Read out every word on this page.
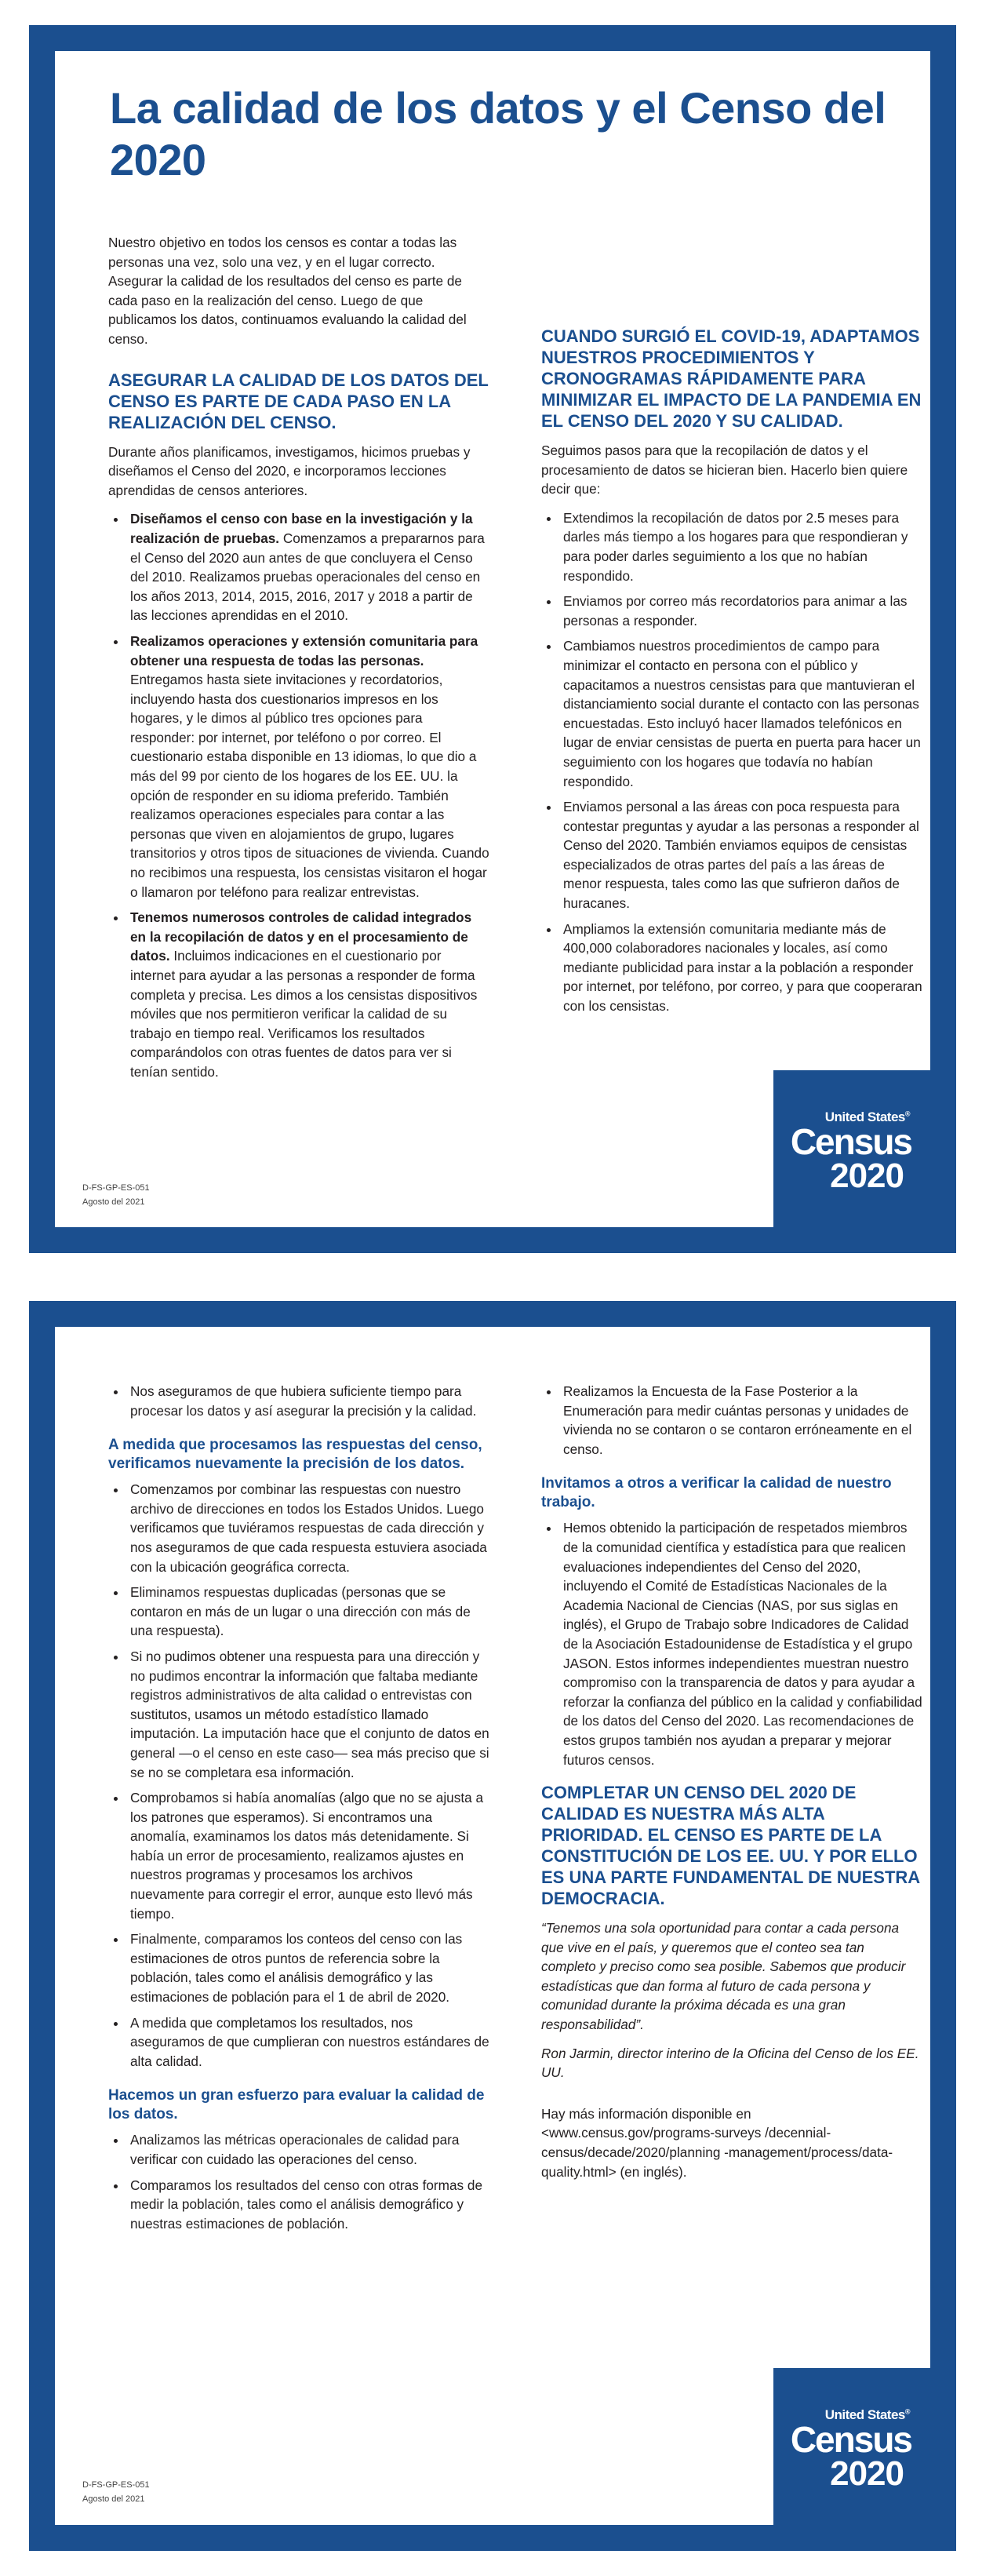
La calidad de los datos y el Censo del 2020

Nuestro objetivo en todos los censos es contar a todas las personas una vez, solo una vez, y en el lugar correcto. Asegurar la calidad de los resultados del censo es parte de cada paso en la realización del censo. Luego de que publicamos los datos, continuamos evaluando la calidad del censo.

ASEGURAR LA CALIDAD DE LOS DATOS DEL CENSO ES PARTE DE CADA PASO EN LA REALIZACIÓN DEL CENSO.

Durante años planificamos, investigamos, hicimos pruebas y diseñamos el Censo del 2020, e incorporamos lecciones aprendidas de censos anteriores.

• Diseñamos el censo con base en la investigación y la realización de pruebas. Comenzamos a prepararnos para el Censo del 2020 aun antes de que concluyera el Censo del 2010. Realizamos pruebas operacionales del censo en los años 2013, 2014, 2015, 2016, 2017 y 2018 a partir de las lecciones aprendidas en el 2010.
• Realizamos operaciones y extensión comunitaria para obtener una respuesta de todas las personas. Entregamos hasta siete invitaciones y recordatorios, incluyendo hasta dos cuestionarios impresos en los hogares, y le dimos al público tres opciones para responder: por internet, por teléfono o por correo. El cuestionario estaba disponible en 13 idiomas, lo que dio a más del 99 por ciento de los hogares de los EE. UU. la opción de responder en su idioma preferido. También realizamos operaciones especiales para contar a las personas que viven en alojamientos de grupo, lugares transitorios y otros tipos de situaciones de vivienda. Cuando no recibimos una respuesta, los censistas visitaron el hogar o llamaron por teléfono para realizar entrevistas.
• Tenemos numerosos controles de calidad integrados en la recopilación de datos y en el procesamiento de datos. Incluimos indicaciones en el cuestionario por internet para ayudar a las personas a responder de forma completa y precisa. Les dimos a los censistas dispositivos móviles que nos permitieron verificar la calidad de su trabajo en tiempo real. Verificamos los resultados comparándolos con otras fuentes de datos para ver si tenían sentido.
CUANDO SURGIÓ EL COVID-19, ADAPTAMOS NUESTROS PROCEDIMIENTOS Y CRONOGRAMAS RÁPIDAMENTE PARA MINIMIZAR EL IMPACTO DE LA PANDEMIA EN EL CENSO DEL 2020 Y SU CALIDAD.

Seguimos pasos para que la recopilación de datos y el procesamiento de datos se hicieran bien. Hacerlo bien quiere decir que:

• Extendimos la recopilación de datos por 2.5 meses para darles más tiempo a los hogares para que respondieran y para poder darles seguimiento a los que no habían respondido.
• Enviamos por correo más recordatorios para animar a las personas a responder.
• Cambiamos nuestros procedimientos de campo para minimizar el contacto en persona con el público y capacitamos a nuestros censistas para que mantuvieran el distanciamiento social durante el contacto con las personas encuestadas. Esto incluyó hacer llamados telefónicos en lugar de enviar censistas de puerta en puerta para hacer un seguimiento con los hogares que todavía no habían respondido.
• Enviamos personal a las áreas con poca respuesta para contestar preguntas y ayudar a las personas a responder al Censo del 2020. También enviamos equipos de censistas especializados de otras partes del país a las áreas de menor respuesta, tales como las que sufrieron daños de huracanes.
• Ampliamos la extensión comunitaria mediante más de 400,000 colaboradores nacionales y locales, así como mediante publicidad para instar a la población a responder por internet, por teléfono, por correo, y para que cooperaran con los censistas.
D-FS-GP-ES-051
Agosto del 2021
United States®
Census
2020
• Nos aseguramos de que hubiera suficiente tiempo para procesar los datos y así asegurar la precisión y la calidad.
A medida que procesamos las respuestas del censo, verificamos nuevamente la precisión de los datos.
• Comenzamos por combinar las respuestas con nuestro archivo de direcciones en todos los Estados Unidos. Luego verificamos que tuviéramos respuestas de cada dirección y nos aseguramos de que cada respuesta estuviera asociada con la ubicación geográfica correcta.
• Eliminamos respuestas duplicadas (personas que se contaron en más de un lugar o una dirección con más de una respuesta).
• Si no pudimos obtener una respuesta para una dirección y no pudimos encontrar la información que faltaba mediante registros administrativos de alta calidad o entrevistas con sustitutos, usamos un método estadístico llamado imputación. La imputación hace que el conjunto de datos en general —o el censo en este caso— sea más preciso que si se no se completara esa información.
• Comprobamos si había anomalías (algo que no se ajusta a los patrones que esperamos). Si encontramos una anomalía, examinamos los datos más detenidamente. Si había un error de procesamiento, realizamos ajustes en nuestros programas y procesamos los archivos nuevamente para corregir el error, aunque esto llevó más tiempo.
• Finalmente, comparamos los conteos del censo con las estimaciones de otros puntos de referencia sobre la población, tales como el análisis demográfico y las estimaciones de población para el 1 de abril de 2020.
• A medida que completamos los resultados, nos aseguramos de que cumplieran con nuestros estándares de alta calidad.
Hacemos un gran esfuerzo para evaluar la calidad de los datos.
• Analizamos las métricas operacionales de calidad para verificar con cuidado las operaciones del censo.
• Comparamos los resultados del censo con otras formas de medir la población, tales como el análisis demográfico y nuestras estimaciones de población.
• Realizamos la Encuesta de la Fase Posterior a la Enumeración para medir cuántas personas y unidades de vivienda no se contaron o se contaron erróneamente en el censo.
Invitamos a otros a verificar la calidad de nuestro trabajo.
• Hemos obtenido la participación de respetados miembros de la comunidad científica y estadística para que realicen evaluaciones independientes del Censo del 2020, incluyendo el Comité de Estadísticas Nacionales de la Academia Nacional de Ciencias (NAS, por sus siglas en inglés), el Grupo de Trabajo sobre Indicadores de Calidad de la Asociación Estadounidense de Estadística y el grupo JASON. Estos informes independientes muestran nuestro compromiso con la transparencia de datos y para ayudar a reforzar la confianza del público en la calidad y confiabilidad de los datos del Censo del 2020. Las recomendaciones de estos grupos también nos ayudan a preparar y mejorar futuros censos.
COMPLETAR UN CENSO DEL 2020 DE CALIDAD ES NUESTRA MÁS ALTA PRIORIDAD. EL CENSO ES PARTE DE LA CONSTITUCIÓN DE LOS EE. UU. Y POR ELLO ES UNA PARTE FUNDAMENTAL DE NUESTRA DEMOCRACIA.

“Tenemos una sola oportunidad para contar a cada persona que vive en el país, y queremos que el conteo sea tan completo y preciso como sea posible. Sabemos que producir estadísticas que dan forma al futuro de cada persona y comunidad durante la próxima década es una gran responsabilidad”.

Ron Jarmin, director interino de la Oficina del Censo de los EE. UU.

Hay más información disponible en <www.census.gov/programs-surveys /decennial-census/decade/2020/planning -management/process/data-quality.html> (en inglés).

D-FS-GP-ES-051
Agosto del 2021
United States®
Census
2020
